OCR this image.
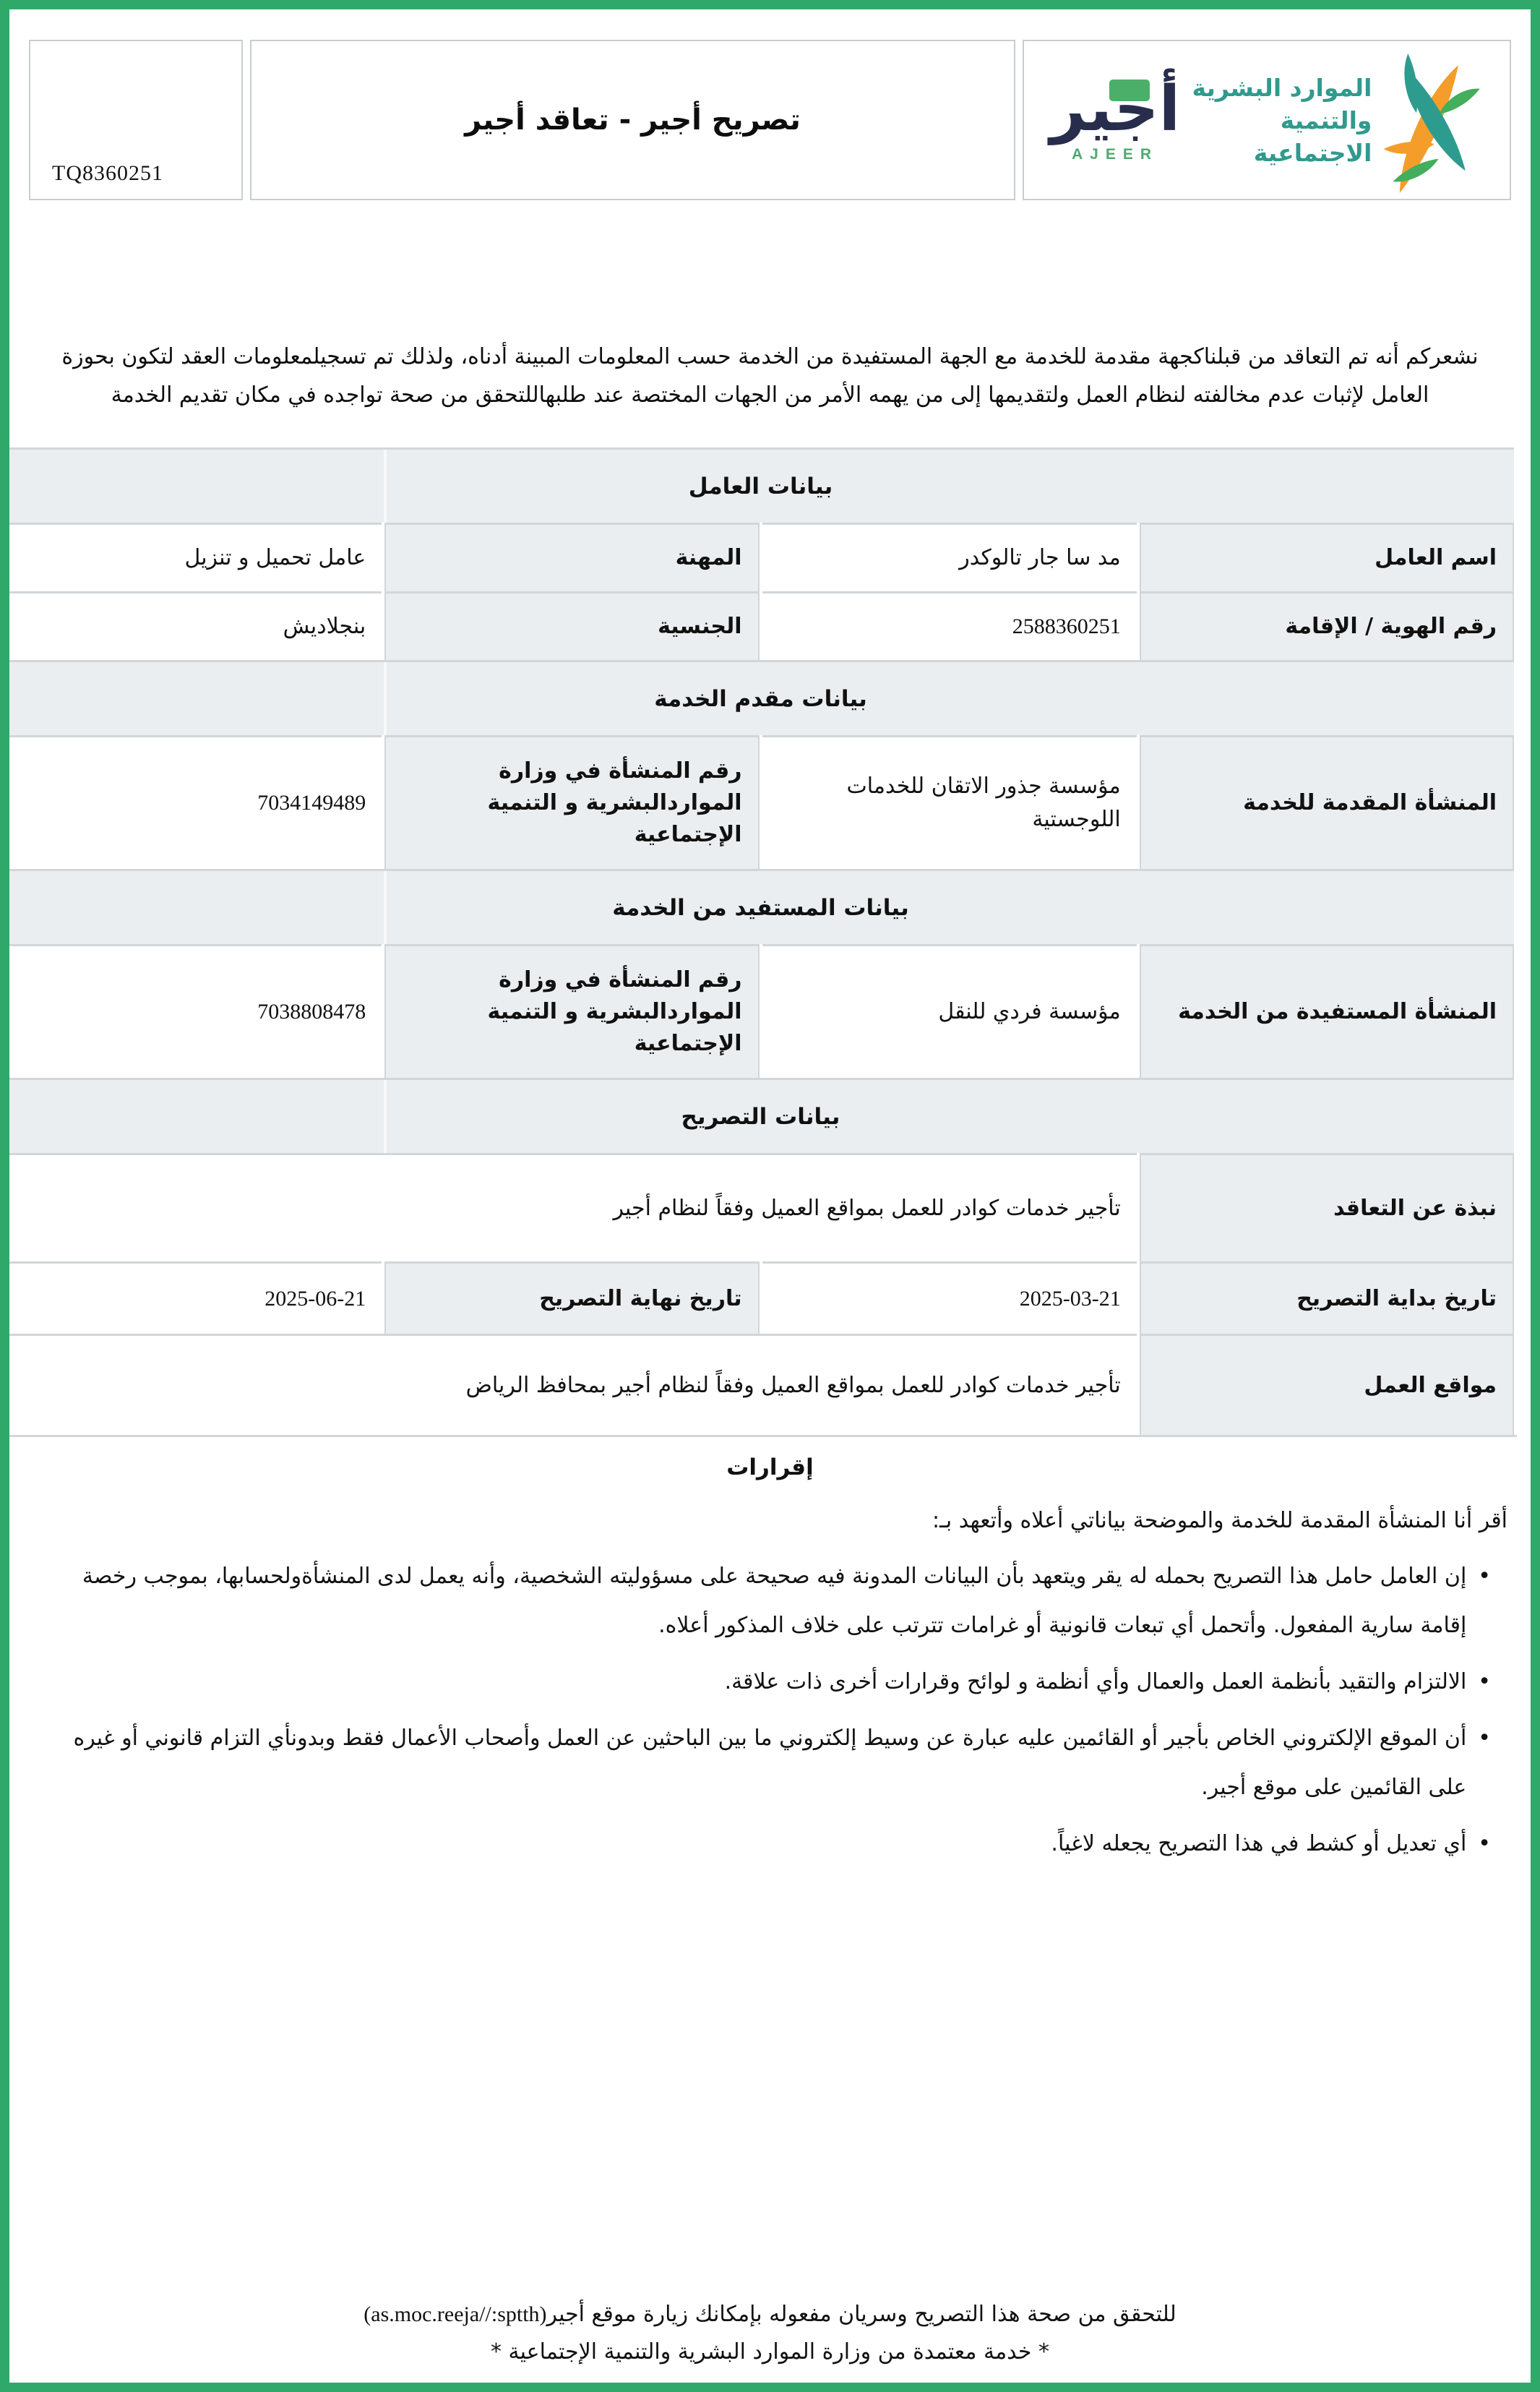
TQ8360251
تصريح أجير - تعاقد أجير	أجير
AJEER
الموارد البشرية
والتنمية الاجتماعية

نشعركم أنه تم التعاقد من قبلناكجهة مقدمة للخدمة مع الجهة المستفيدة من الخدمة حسب المعلومات المبينة أدناه، ولذلك تم تسجيلمعلومات العقد لتكون بحوزة العامل لإثبات عدم مخالفته لنظام العمل ولتقديمها إلى من يهمه الأمر من الجهات المختصة عند طلبهاللتحقق من صحة تواجده في مكان تقديم الخدمة

بيانات العامل			

اسم العامل	مد سا جار تالوكدر	المهنة	عامل تحميل و تنزيل
رقم الهوية / الإقامة	2588360251	الجنسية	بنجلاديش
بيانات مقدم الخدمة			

المنشأة المقدمة للخدمة	مؤسسة جذور الاتقان للخدمات اللوجستية	رقم المنشأة في وزارة المواردالبشرية و التنمية الإجتماعية	7034149489
بيانات المستفيد من الخدمة			

المنشأة المستفيدة من الخدمة	مؤسسة فردي للنقل	رقم المنشأة في وزارة المواردالبشرية و التنمية الإجتماعية	7038808478
بيانات التصريح			

نبذة عن التعاقد	تأجير خدمات كوادر للعمل بمواقع العميل وفقاً لنظام أجير		
تاريخ بداية التصريح	2025-03-21	تاريخ نهاية التصريح	2025-06-21
مواقع العمل	تأجير خدمات كوادر للعمل بمواقع العميل وفقاً لنظام أجير بمحافظ الرياض		
إقرارات
أقر أنا المنشأة المقدمة للخدمة والموضحة بياناتي أعلاه وأتعهد بـ:
•
إن العامل حامل هذا التصريح بحمله له يقر ويتعهد بأن البيانات المدونة فيه صحيحة على مسؤوليته الشخصية، وأنه يعمل لدى المنشأةولحسابها، بموجب رخصة إقامة سارية المفعول. وأتحمل أي تبعات قانونية أو غرامات تترتب على خلاف المذكور أعلاه.
•
الالتزام والتقيد بأنظمة العمل والعمال وأي أنظمة و لوائح وقرارات أخرى ذات علاقة.
•
أن الموقع الإلكتروني الخاص بأجير أو القائمين عليه عبارة عن وسيط إلكتروني ما بين الباحثين عن العمل وأصحاب الأعمال فقط وبدونأي التزام قانوني أو غيره على القائمين على موقع أجير.
•
أي تعديل أو كشط في هذا التصريح يجعله لاغياً.
للتحقق من صحة هذا التصريح وسريان مفعوله بإمكانك زيارة موقع أجير(as.moc.reeja//:sptth)
* خدمة معتمدة من وزارة الموارد البشرية والتنمية الإجتماعية *
